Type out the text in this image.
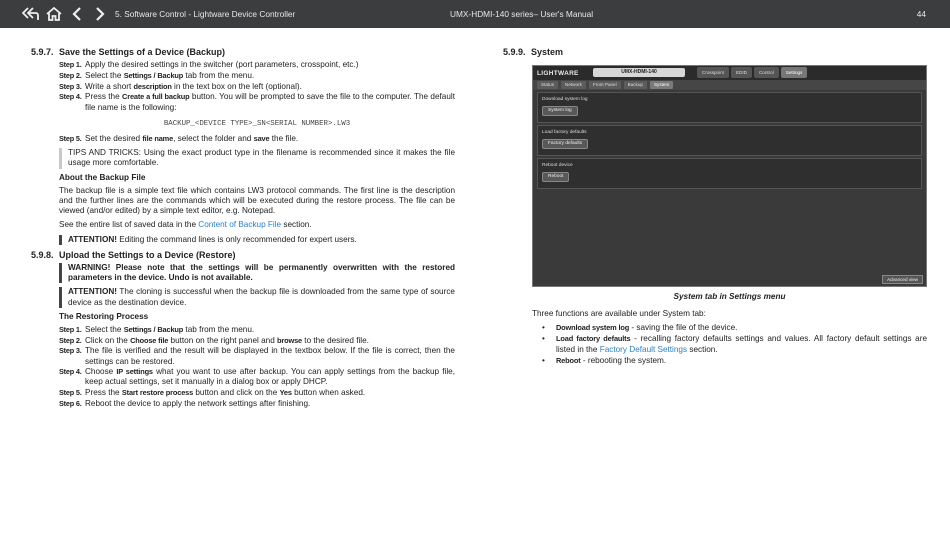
5. Software Control - Lightware Device Controller	UMX-HDMI-140 series– User's Manual	44
5.9.7. Save the Settings of a Device (Backup)
Step 1. Apply the desired settings in the switcher (port parameters, crosspoint, etc.)
Step 2. Select the Settings / Backup tab from the menu.
Step 3. Write a short description in the text box on the left (optional).
Step 4. Press the Create a full backup button. You will be prompted to save the file to the computer. The default file name is the following:
BACKUP_<DEVICE TYPE>_SN<SERIAL NUMBER>.LW3
Step 5. Set the desired file name, select the folder and save the file.
TIPS AND TRICKS: Using the exact product type in the filename is recommended since it makes the file usage more comfortable.
About the Backup File
The backup file is a simple text file which contains LW3 protocol commands. The first line is the description and the further lines are the commands which will be executed during the restore process. The file can be viewed (and/or edited) by a simple text editor, e.g. Notepad.
See the entire list of saved data in the Content of Backup File section.
ATTENTION! Editing the command lines is only recommended for expert users.
5.9.8. Upload the Settings to a Device (Restore)
WARNING! Please note that the settings will be permanently overwritten with the restored parameters in the device. Undo is not available.
ATTENTION! The cloning is successful when the backup file is downloaded from the same type of source device as the destination device.
The Restoring Process
Step 1. Select the Settings / Backup tab from the menu.
Step 2. Click on the Choose file button on the right panel and browse to the desired file.
Step 3. The file is verified and the result will be displayed in the textbox below. If the file is correct, then the settings can be restored.
Step 4. Choose IP settings what you want to use after backup. You can apply settings from the backup file, keep actual settings, set it manually in a dialog box or apply DHCP.
Step 5. Press the Start restore process button and click on the Yes button when asked.
Step 6. Reboot the device to apply the network settings after finishing.
5.9.9. System
LIGHTWARE	UMX-HDMI-140	Crosspoint	EDID	Control	Settings
Status	Network	Front Panel	Backup	System
Download system log
System log
Load factory defaults
Factory defaults
Reboot device
Reboot
Advanced view
System tab in Settings menu
Three functions are available under System tab:
•	Download system log - saving the file of the device.
•	Load factory defaults - recalling factory defaults settings and values. All factory default settings are listed in the Factory Default Settings section.
•	Reboot - rebooting the system.
